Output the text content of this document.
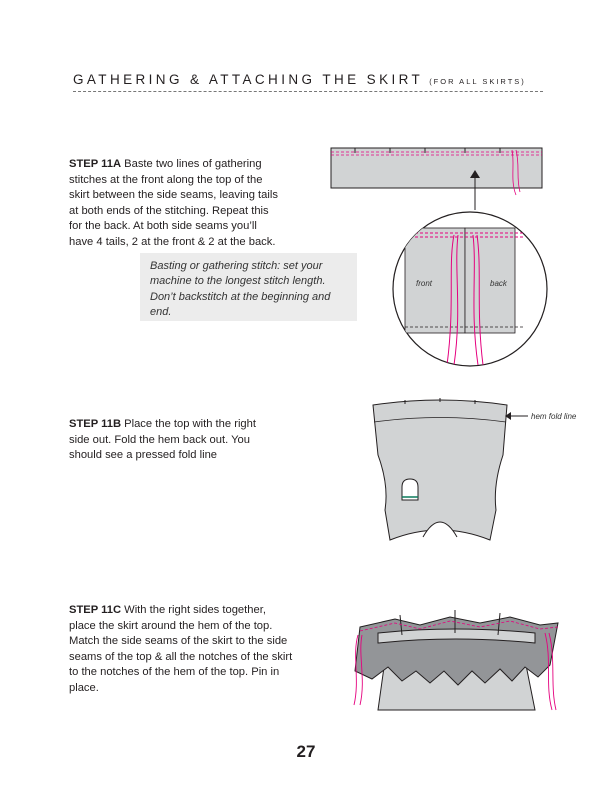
GATHERING & ATTACHING THE SKIRT (FOR ALL SKIRTS)
STEP 11A Baste two lines of gathering stitches at the front along the top of the skirt between the side seams, leaving tails at both ends of the stitching. Repeat this for the back. At both side seams you’ll have 4 tails, 2 at the front & 2 at the back.
Basting or gathering stitch: set your machine to the longest stitch length. Don’t backstitch at the beginning and end.
STEP 11B Place the top with the right side out. Fold the hem back out. You should see a pressed fold line
STEP 11C With the right sides together, place the skirt around the hem of the top. Match the side seams of the skirt to the side seams of the top & all the notches of the skirt to the notches of the hem of the top. Pin in place.
front	back
hem fold line
27
